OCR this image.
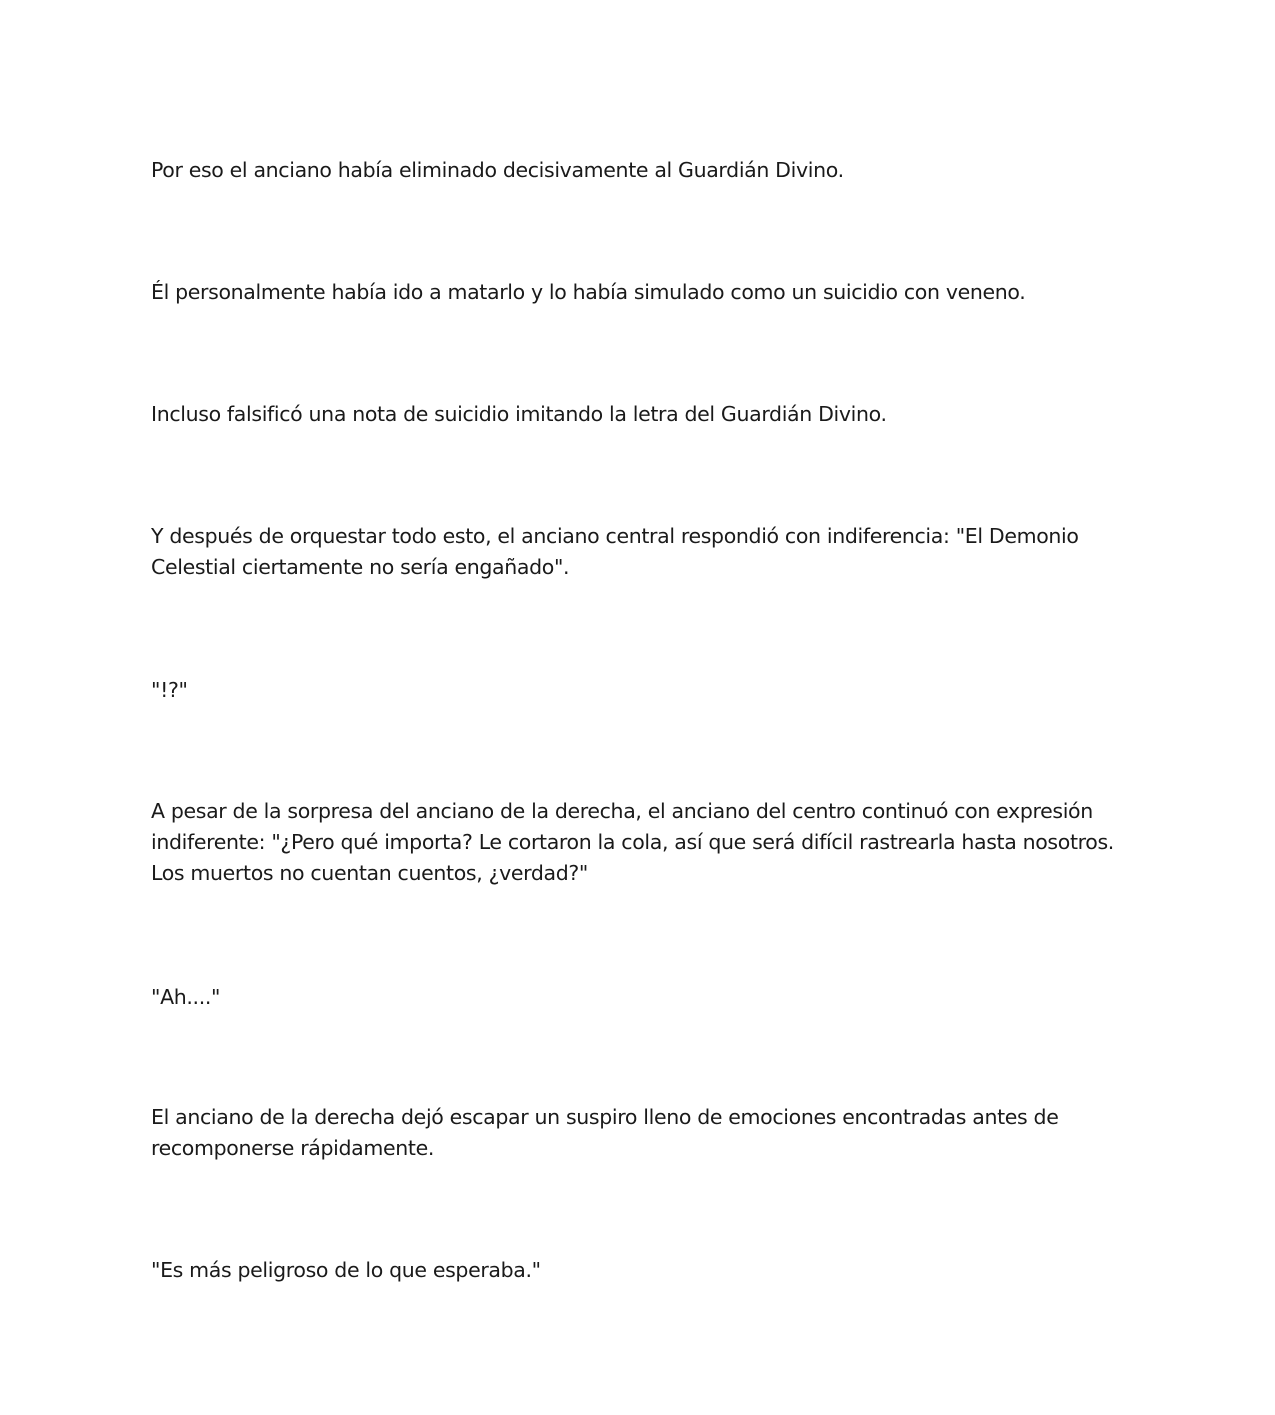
Por eso el anciano había eliminado decisivamente al Guardián Divino.

Él personalmente había ido a matarlo y lo había simulado como un suicidio con veneno.

Incluso falsificó una nota de suicidio imitando la letra del Guardián Divino.

Y después de orquestar todo esto, el anciano central respondió con indiferencia: "El Demonio Celestial ciertamente no sería engañado".

"!?"

A pesar de la sorpresa del anciano de la derecha, el anciano del centro continuó con expresión indiferente: "¿Pero qué importa? Le cortaron la cola, así que será difícil rastrearla hasta nosotros. Los muertos no cuentan cuentos, ¿verdad?"

"Ah...."

El anciano de la derecha dejó escapar un suspiro lleno de emociones encontradas antes de recomponerse rápidamente.

"Es más peligroso de lo que esperaba."
